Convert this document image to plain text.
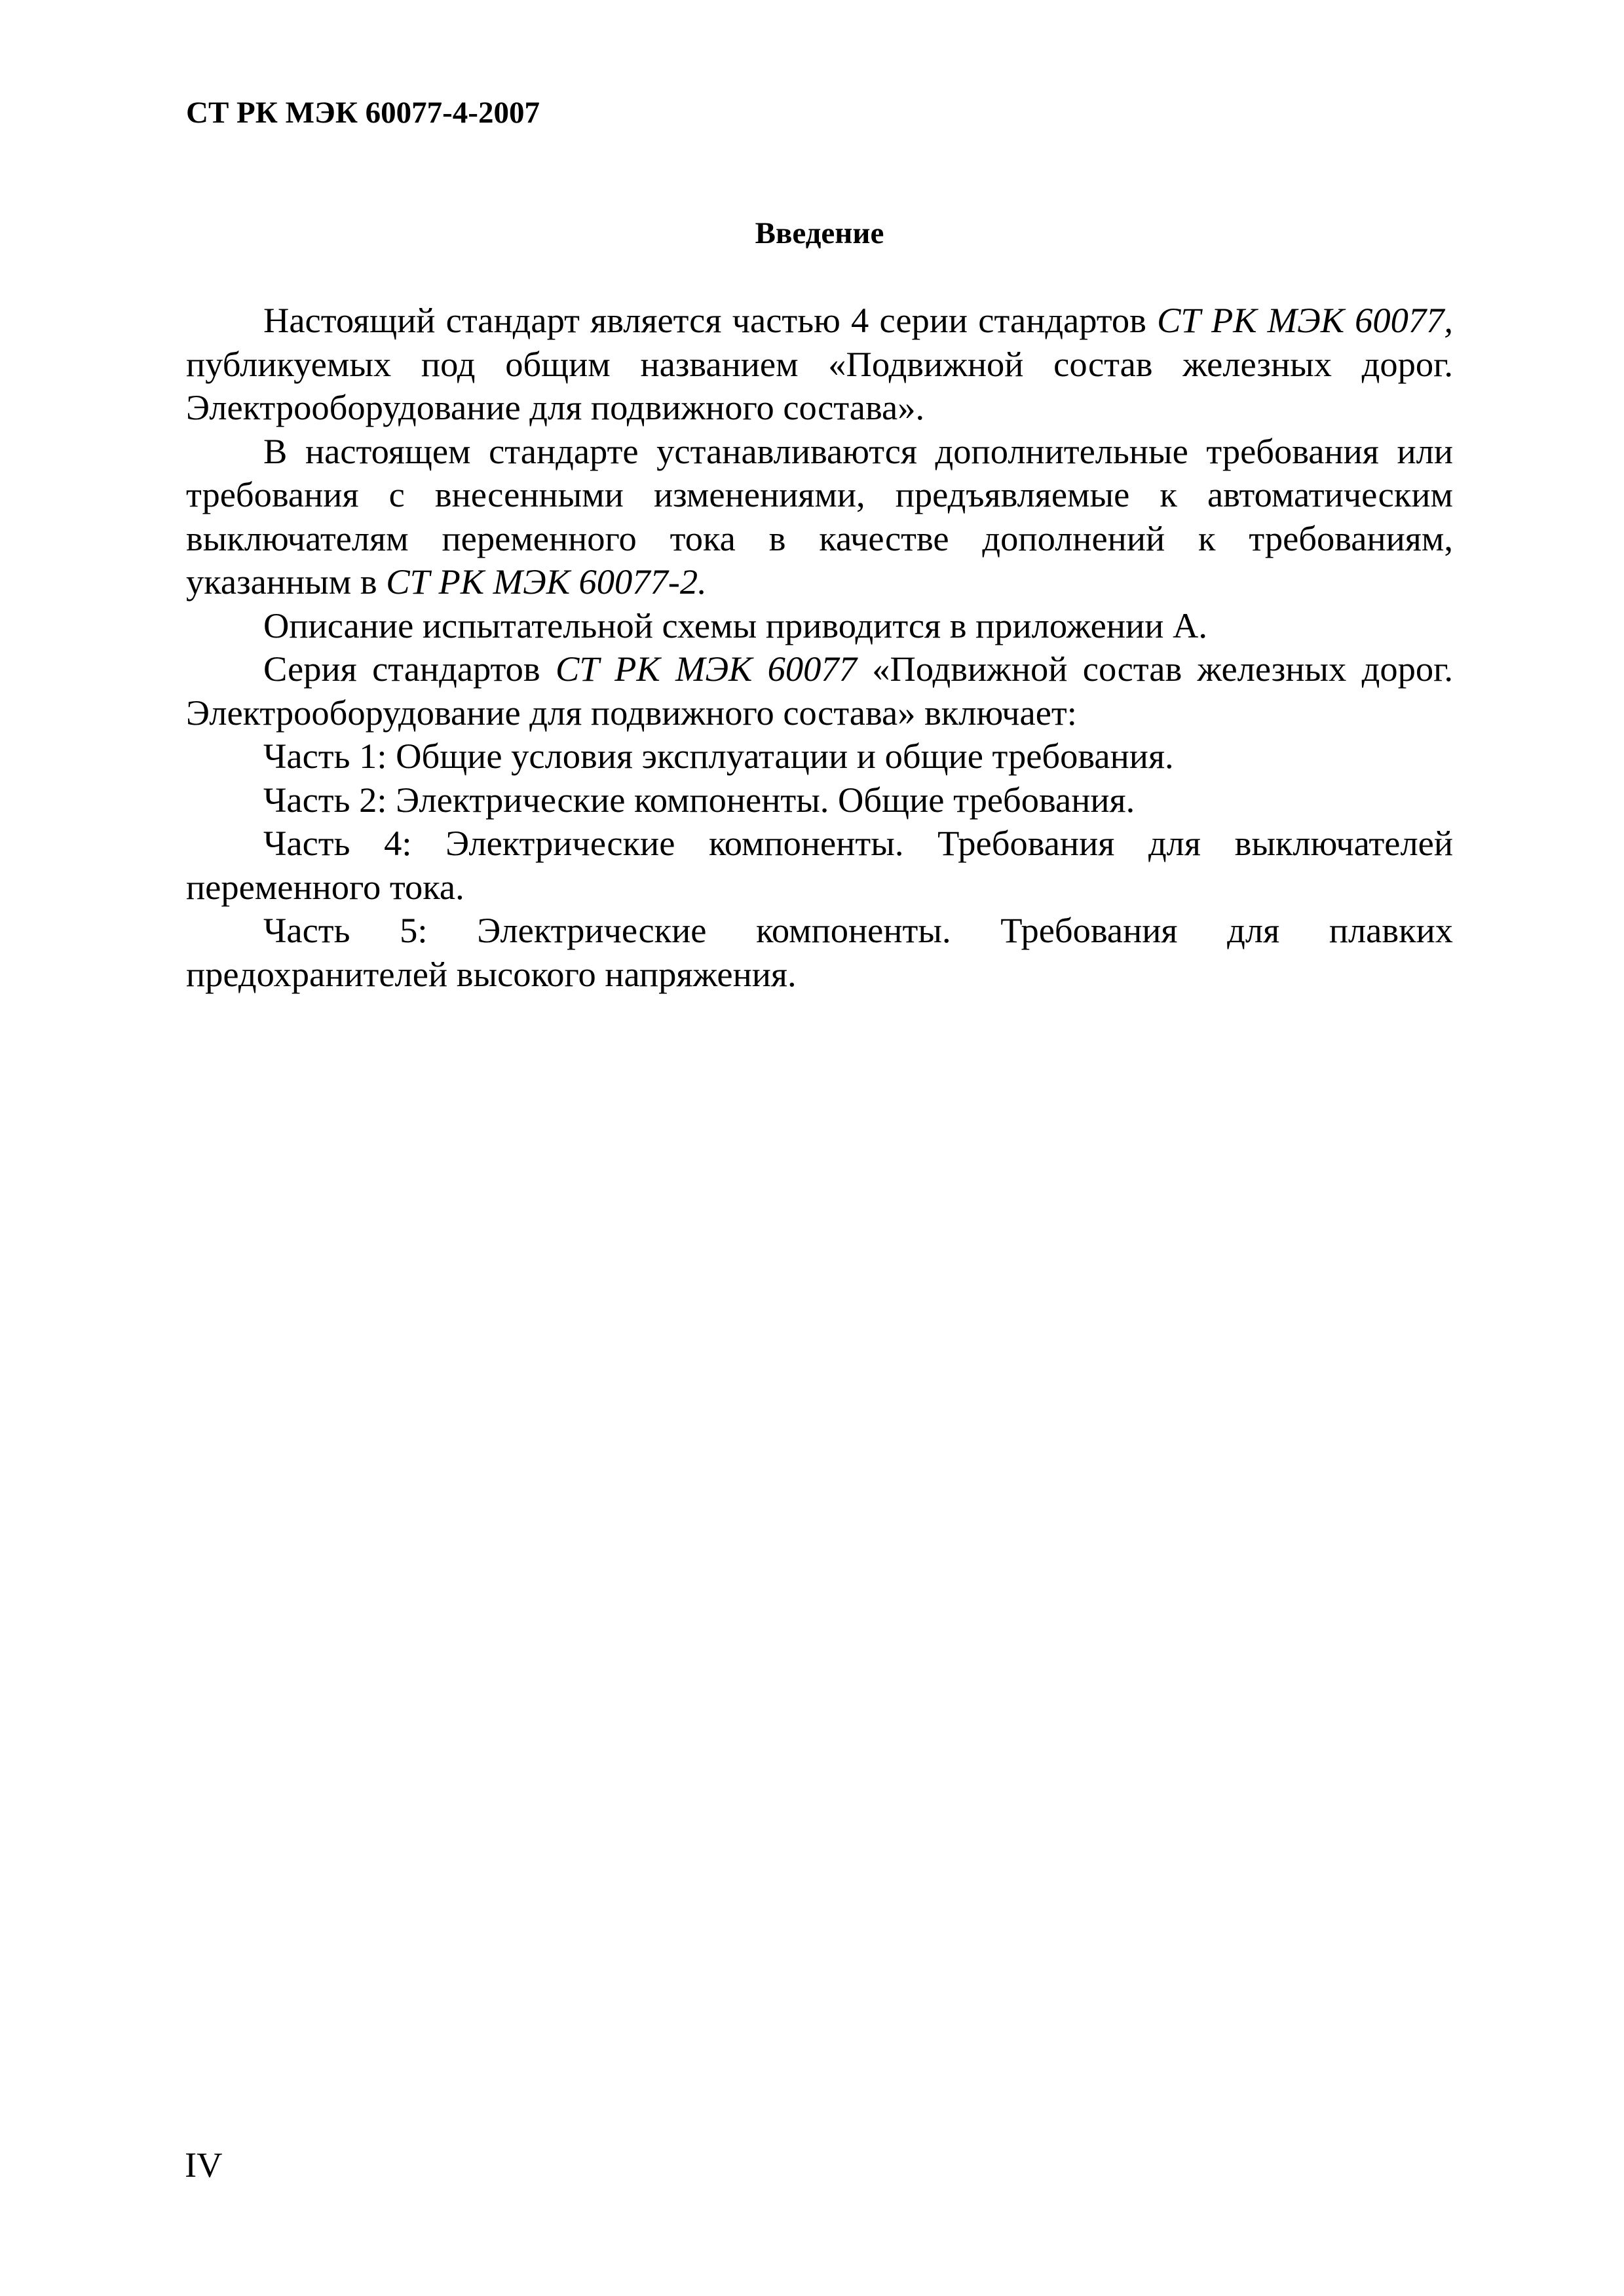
СТ РК МЭК 60077-4-2007
Введение

Настоящий стандарт является частью 4 серии стандартов СТ РК МЭК 60077, публикуемых под общим названием «Подвижной состав железных дорог. Электрооборудование для подвижного состава».

В настоящем стандарте устанавливаются дополнительные требования или требования с внесенными изменениями, предъявляемые к автоматическим выключателям переменного тока в качестве дополнений к требованиям, указанным в СТ РК МЭК 60077-2.

Описание испытательной схемы приводится в приложении А.

Серия стандартов СТ РК МЭК 60077 «Подвижной состав железных дорог. Электрооборудование для подвижного состава» включает:

Часть 1: Общие условия эксплуатации и общие требования.

Часть 2: Электрические компоненты. Общие требования.

Часть 4: Электрические компоненты. Требования для выключателей переменного тока.

Часть 5: Электрические компоненты. Требования для плавких предохранителей высокого напряжения.

IV
